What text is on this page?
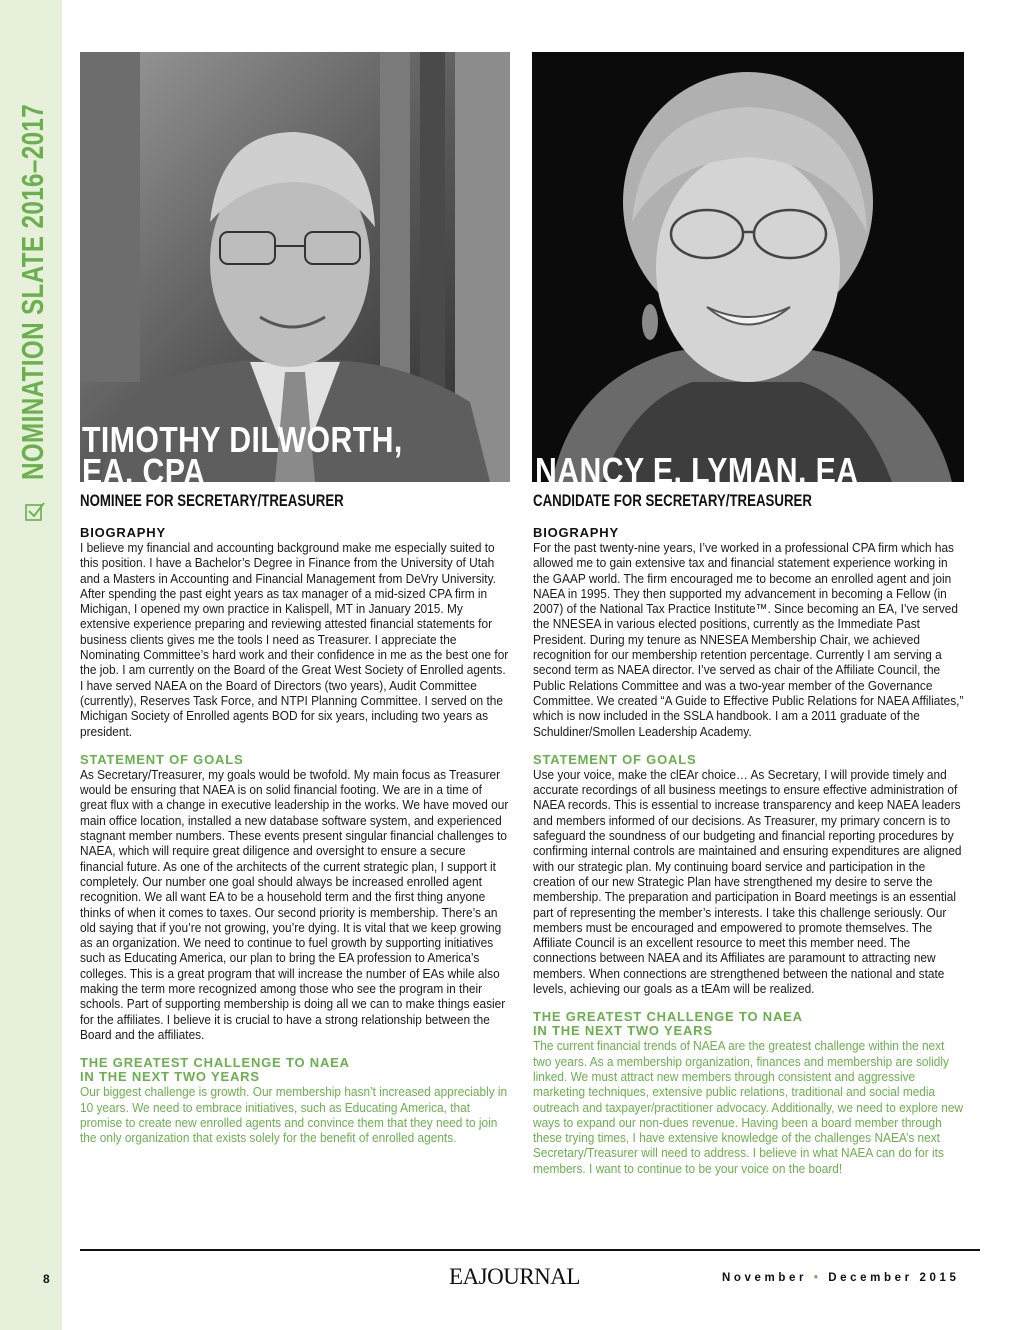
NOMINATION SLATE 2016–2017 TIMOTHY DILWORTH,
EA, CPA
NOMINEE FOR SECRETARY/TREASURER
NANCY E. LYMAN, EA
CANDIDATE FOR SECRETARY/TREASURER

BIOGRAPHY

I believe my financial and accounting background make me especially suited to this position. I have a Bachelor’s Degree in Finance from the University of Utah and a Masters in Accounting and Financial Management from DeVry University. After spending the past eight years as tax manager of a mid-sized CPA firm in Michigan, I opened my own practice in Kalispell, MT in January 2015. My extensive experience preparing and reviewing attested financial statements for business clients gives me the tools I need as Treasurer. I appreciate the Nominating Committee’s hard work and their confidence in me as the best one for the job. I am currently on the Board of the Great West Society of Enrolled agents. I have served NAEA on the Board of Directors (two years), Audit Committee (currently), Reserves Task Force, and NTPI Planning Committee. I served on the Michigan Society of Enrolled agents BOD for six years, including two years as president.

STATEMENT OF GOALS

As Secretary/Treasurer, my goals would be twofold. My main focus as Treasurer would be ensuring that NAEA is on solid financial footing. We are in a time of great flux with a change in executive leadership in the works. We have moved our main office location, installed a new database software system, and experienced stagnant member numbers. These events present singular financial challenges to NAEA, which will require great diligence and oversight to ensure a secure financial future. As one of the architects of the current strategic plan, I support it completely. Our number one goal should always be increased enrolled agent recognition. We all want EA to be a household term and the first thing anyone thinks of when it comes to taxes. Our second priority is membership. There’s an old saying that if you’re not growing, you’re dying. It is vital that we keep growing as an organization. We need to continue to fuel growth by supporting initiatives such as Educating America, our plan to bring the EA profession to America’s colleges. This is a great program that will increase the number of EAs while also making the term more recognized among those who see the program in their schools. Part of supporting membership is doing all we can to make things easier for the affiliates. I believe it is crucial to have a strong relationship between the Board and the affiliates.

THE GREATEST CHALLENGE TO NAEA

IN THE NEXT TWO YEARS

Our biggest challenge is growth. Our membership hasn’t increased appreciably in 10 years. We need to embrace initiatives, such as Educating America, that promise to create new enrolled agents and convince them that they need to join the only organization that exists solely for the benefit of enrolled agents.

BIOGRAPHY

For the past twenty-nine years, I’ve worked in a professional CPA firm which has allowed me to gain extensive tax and financial statement experience working in the GAAP world. The firm encouraged me to become an enrolled agent and join NAEA in 1995. They then supported my advancement in becoming a Fellow (in 2007) of the National Tax Practice Institute™. Since becoming an EA, I’ve served the NNESEA in various elected positions, currently as the Immediate Past President. During my tenure as NNESEA Membership Chair, we achieved recognition for our membership retention percentage. Currently I am serving a second term as NAEA director. I’ve served as chair of the Affiliate Council, the Public Relations Committee and was a two-year member of the Governance Committee. We created “A Guide to Effective Public Relations for NAEA Affiliates,” which is now included in the SSLA handbook. I am a 2011 graduate of the Schuldiner/Smollen Leadership Academy.

STATEMENT OF GOALS

Use your voice, make the clEAr choice… As Secretary, I will provide timely and accurate recordings of all business meetings to ensure effective administration of NAEA records. This is essential to increase transparency and keep NAEA leaders and members informed of our decisions. As Treasurer, my primary concern is to safeguard the soundness of our budgeting and financial reporting procedures by confirming internal controls are maintained and ensuring expenditures are aligned with our strategic plan. My continuing board service and participation in the creation of our new Strategic Plan have strengthened my desire to serve the membership. The preparation and participation in Board meetings is an essential part of representing the member’s interests. I take this challenge seriously. Our members must be encouraged and empowered to promote themselves. The Affiliate Council is an excellent resource to meet this member need. The connections between NAEA and its Affiliates are paramount to attracting new members. When connections are strengthened between the national and state levels, achieving our goals as a tEAm will be realized.

THE GREATEST CHALLENGE TO NAEA

IN THE NEXT TWO YEARS

The current financial trends of NAEA are the greatest challenge within the next two years. As a membership organization, finances and membership are solidly linked. We must attract new members through consistent and aggressive marketing techniques, extensive public relations, traditional and social media outreach and taxpayer/practitioner advocacy. Additionally, we need to explore new ways to expand our non-dues revenue. Having been a board member through these trying times, I have extensive knowledge of the challenges NAEA’s next Secretary/Treasurer will need to address. I believe in what NAEA can do for its members. I want to continue to be your voice on the board!

8	EAJOURNAL	November • December 2015
